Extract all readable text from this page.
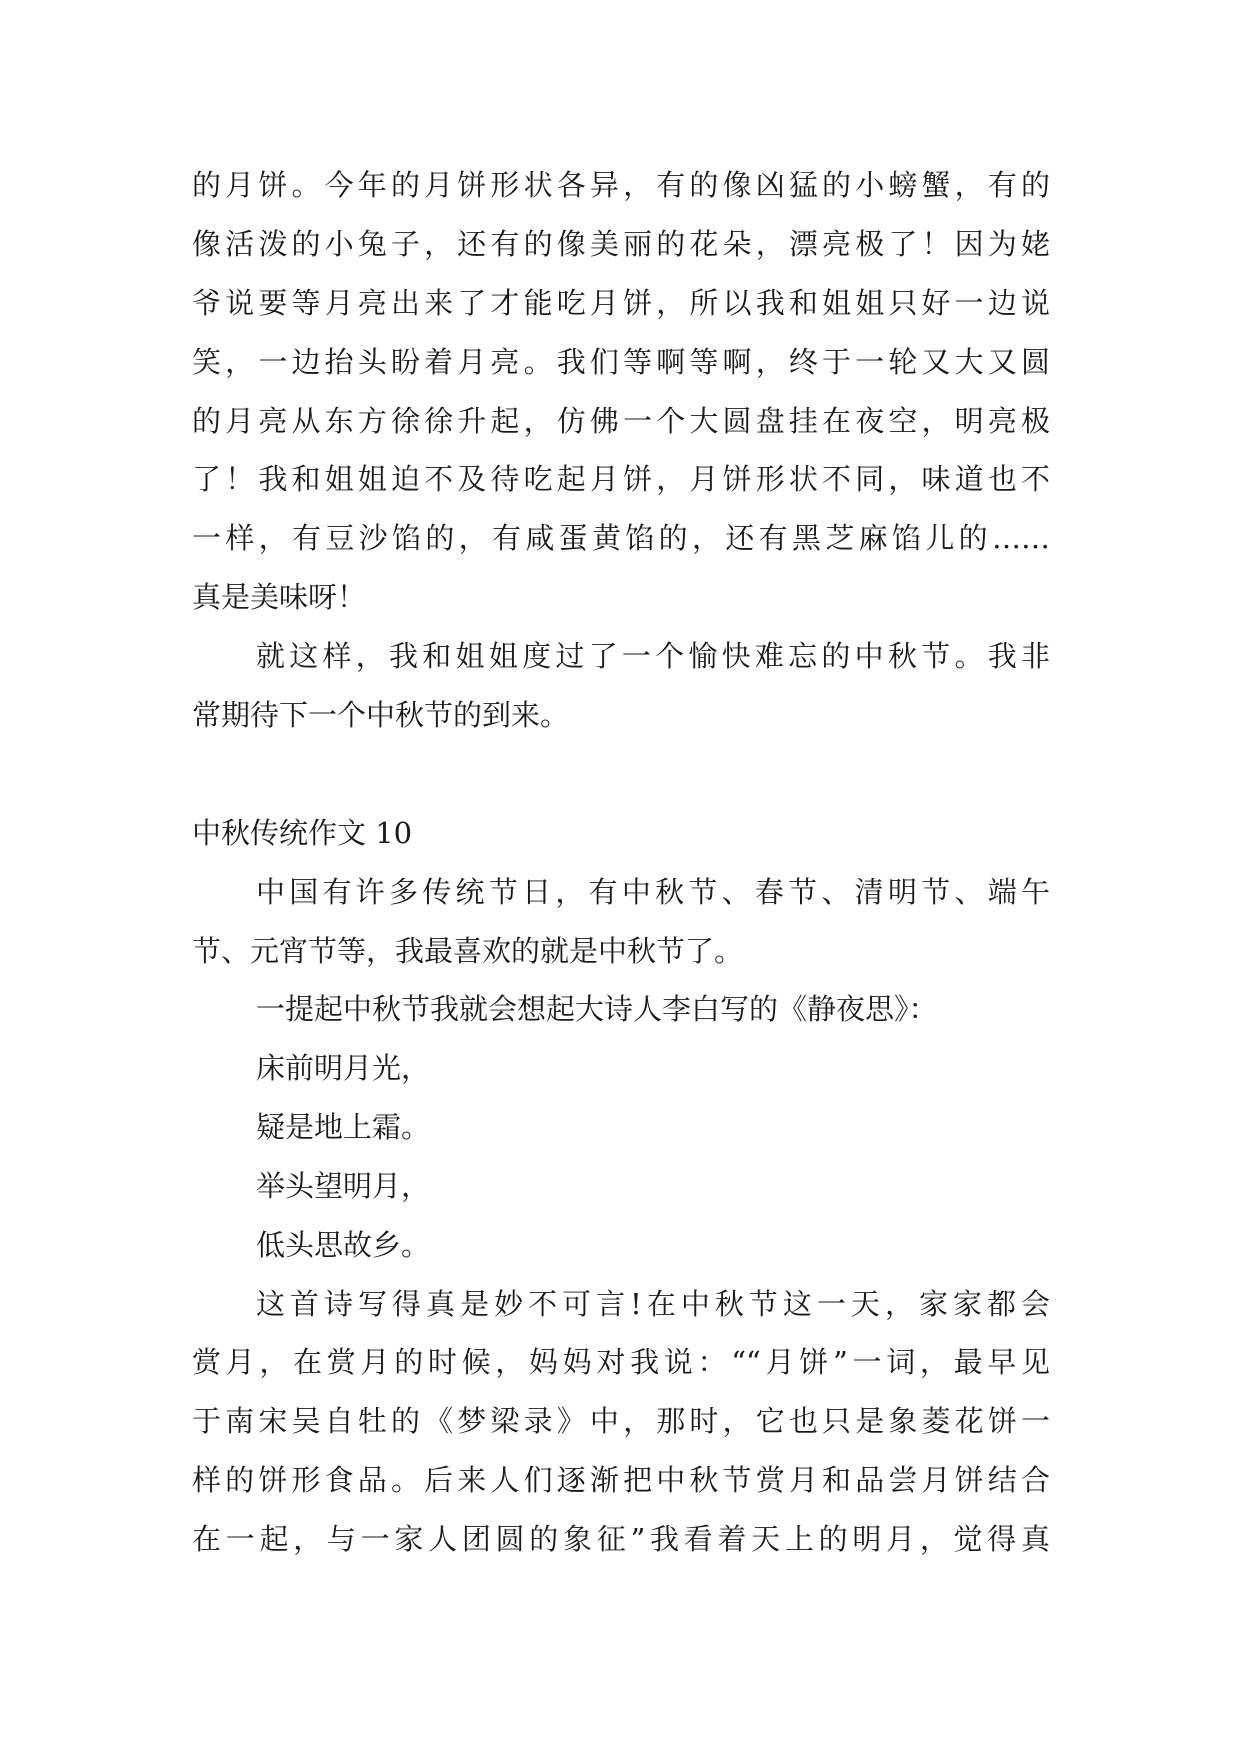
的月饼。今年的月饼形状各异，有的像凶猛的小螃蟹，有的
像活泼的小兔子，还有的像美丽的花朵，漂亮极了！因为姥
爷说要等月亮出来了才能吃月饼，所以我和姐姐只好一边说
笑，一边抬头盼着月亮。我们等啊等啊，终于一轮又大又圆
的月亮从东方徐徐升起，仿佛一个大圆盘挂在夜空，明亮极
了！我和姐姐迫不及待吃起月饼，月饼形状不同，味道也不
一样，有豆沙馅的，有咸蛋黄馅的，还有黑芝麻馅儿的……
真是美味呀！
就这样，我和姐姐度过了一个愉快难忘的中秋节。我非
常期待下一个中秋节的到来。
中秋传统作文 10
中国有许多传统节日，有中秋节、春节、清明节、端午
节、元宵节等，我最喜欢的就是中秋节了。
一提起中秋节我就会想起大诗人李白写的《静夜思》：
床前明月光，
疑是地上霜。
举头望明月，
低头思故乡。
这首诗写得真是妙不可言!在中秋节这一天，家家都会
赏月，在赏月的时候，妈妈对我说：““月饼”一词，最早见
于南宋吴自牡的《梦梁录》中，那时，它也只是象菱花饼一
样的饼形食品。后来人们逐渐把中秋节赏月和品尝月饼结合
在一起，与一家人团圆的象征”我看着天上的明月，觉得真
